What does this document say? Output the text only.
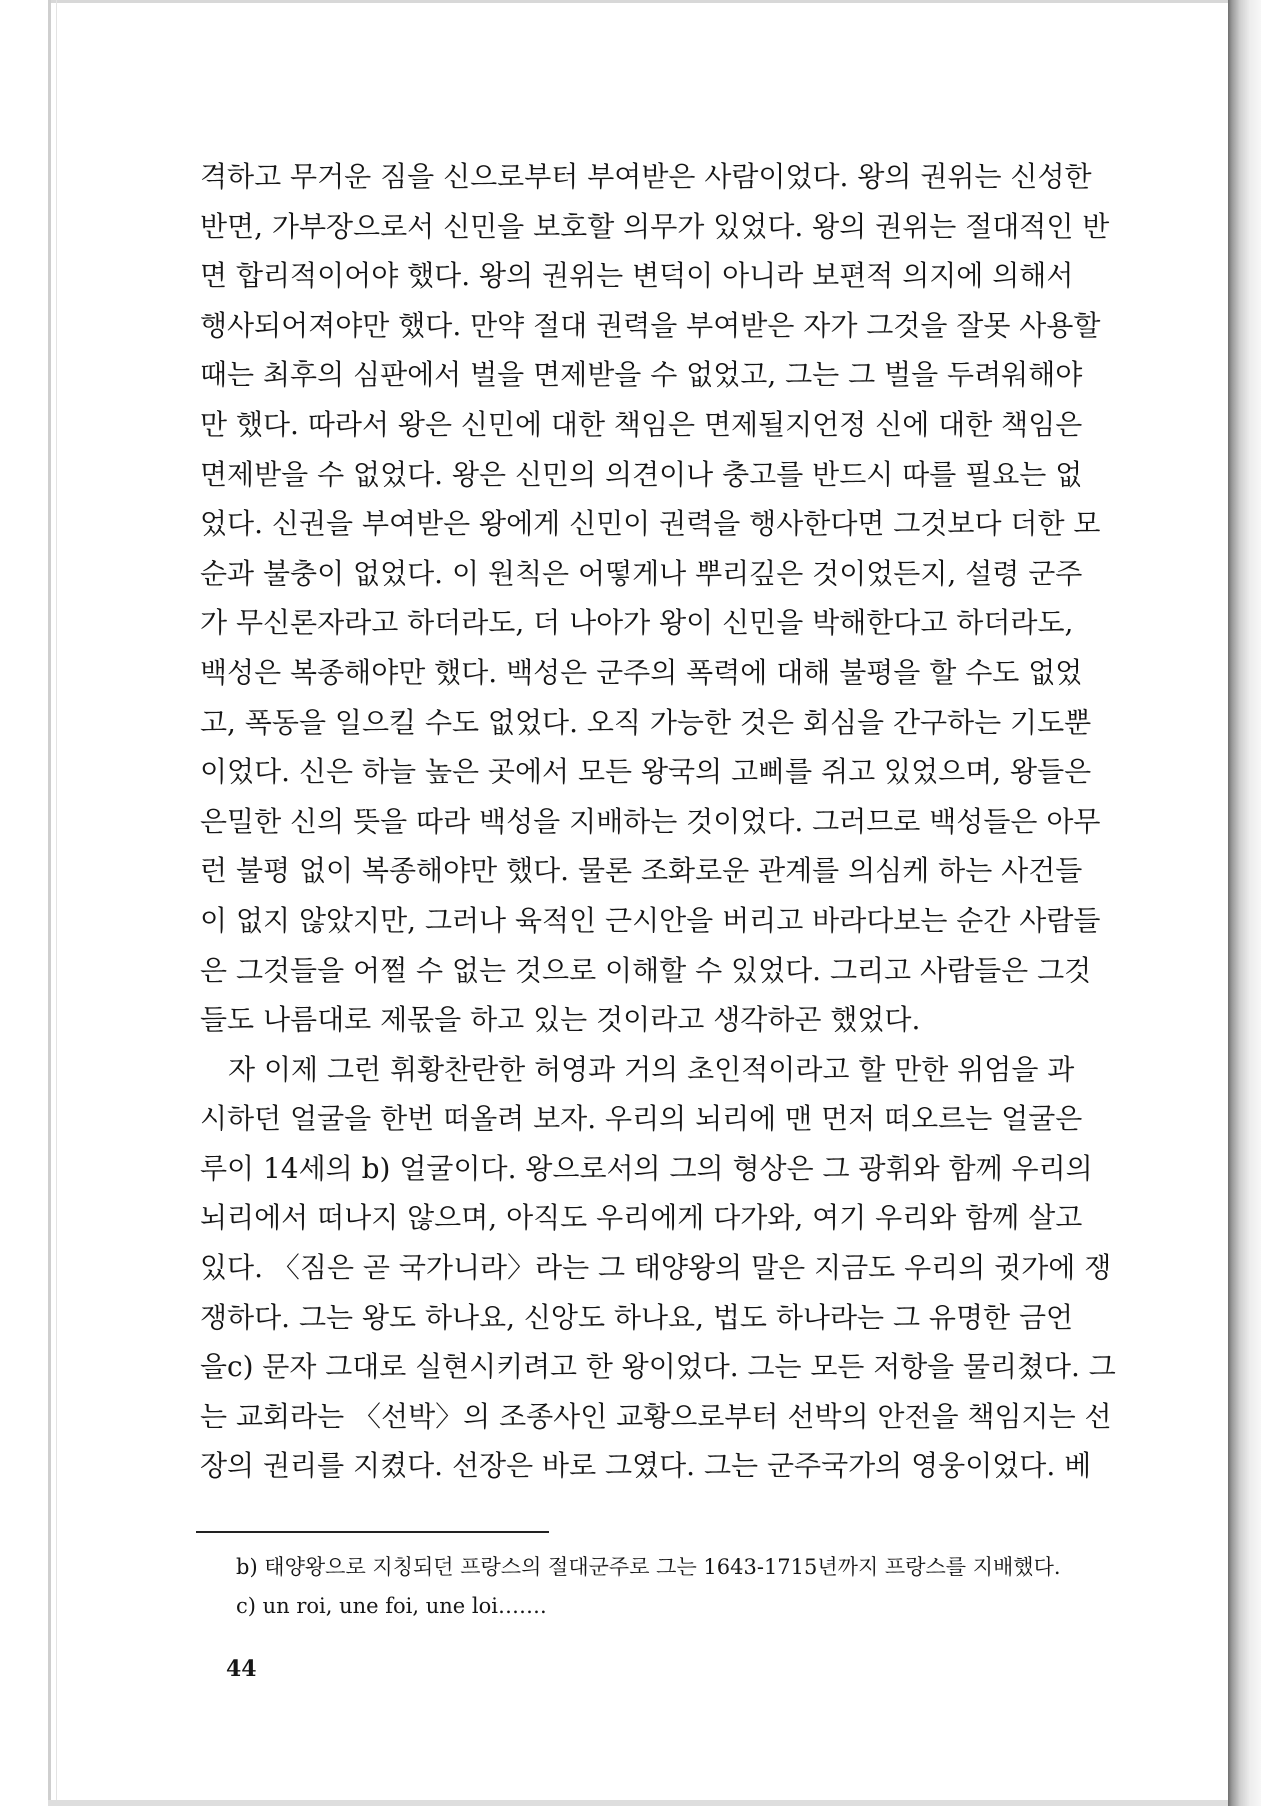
격하고 무거운 짐을 신으로부터 부여받은 사람이었다. 왕의 권위는 신성한
반면, 가부장으로서 신민을 보호할 의무가 있었다. 왕의 권위는 절대적인 반
면 합리적이어야 했다. 왕의 권위는 변덕이 아니라 보편적 의지에 의해서
행사되어져야만 했다. 만약 절대 권력을 부여받은 자가 그것을 잘못 사용할
때는 최후의 심판에서 벌을 면제받을 수 없었고, 그는 그 벌을 두려워해야
만 했다. 따라서 왕은 신민에 대한 책임은 면제될지언정 신에 대한 책임은
면제받을 수 없었다. 왕은 신민의 의견이나 충고를 반드시 따를 필요는 없
었다. 신권을 부여받은 왕에게 신민이 권력을 행사한다면 그것보다 더한 모
순과 불충이 없었다. 이 원칙은 어떻게나 뿌리깊은 것이었든지, 설령 군주
가 무신론자라고 하더라도, 더 나아가 왕이 신민을 박해한다고 하더라도,
백성은 복종해야만 했다. 백성은 군주의 폭력에 대해 불평을 할 수도 없었
고, 폭동을 일으킬 수도 없었다. 오직 가능한 것은 회심을 간구하는 기도뿐
이었다. 신은 하늘 높은 곳에서 모든 왕국의 고삐를 쥐고 있었으며, 왕들은
은밀한 신의 뜻을 따라 백성을 지배하는 것이었다. 그러므로 백성들은 아무
런 불평 없이 복종해야만 했다. 물론 조화로운 관계를 의심케 하는 사건들
이 없지 않았지만, 그러나 육적인 근시안을 버리고 바라다보는 순간 사람들
은 그것들을 어쩔 수 없는 것으로 이해할 수 있었다. 그리고 사람들은 그것
들도 나름대로 제몫을 하고 있는 것이라고 생각하곤 했었다.
자 이제 그런 휘황찬란한 허영과 거의 초인적이라고 할 만한 위엄을 과
시하던 얼굴을 한번 떠올려 보자. 우리의 뇌리에 맨 먼저 떠오르는 얼굴은
루이 14세의 b) 얼굴이다. 왕으로서의 그의 형상은 그 광휘와 함께 우리의
뇌리에서 떠나지 않으며, 아직도 우리에게 다가와, 여기 우리와 함께 살고
있다. 〈짐은 곧 국가니라〉라는 그 태양왕의 말은 지금도 우리의 귓가에 쟁
쟁하다. 그는 왕도 하나요, 신앙도 하나요, 법도 하나라는 그 유명한 금언
을c) 문자 그대로 실현시키려고 한 왕이었다. 그는 모든 저항을 물리쳤다. 그
는 교회라는 〈선박〉의 조종사인 교황으로부터 선박의 안전을 책임지는 선
장의 권리를 지켰다. 선장은 바로 그였다. 그는 군주국가의 영웅이었다. 베
b) 태양왕으로 지칭되던 프랑스의 절대군주로 그는 1643-1715년까지 프랑스를 지배했다.
c) un roi, une foi, une loi…….
44
